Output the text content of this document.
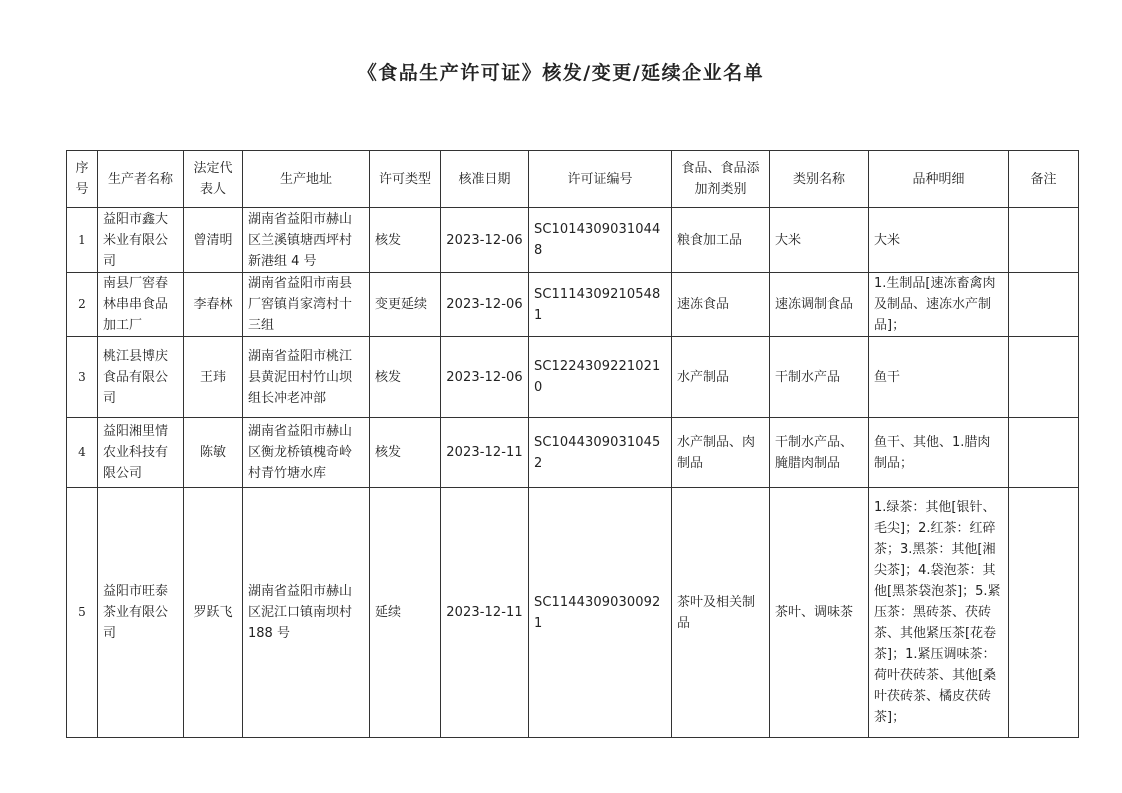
《食品生产许可证》核发/变更/延续企业名单
序号	生产者名称	法定代表人	生产地址	许可类型	核准日期	许可证编号	食品、食品添加剂类别	类别名称	品种明细	备注
1	益阳市鑫大米业有限公司	曾清明	湖南省益阳市赫山区兰溪镇塘西坪村新港组 4 号	核发	2023-12-06	SC10143090310448	粮食加工品	大米	大米	
2	南县厂窖春林串串食品加工厂	李春林	湖南省益阳市南县厂窖镇肖家湾村十三组	变更延续	2023-12-06	SC11143092105481	速冻食品	速冻调制食品	1.生制品[速冻畜禽肉及制品、速冻水产制品]；	
3	桃江县博庆食品有限公司	王玮	湖南省益阳市桃江县黄泥田村竹山坝组长冲老冲部	核发	2023-12-06	SC12243092210210	水产制品	干制水产品	鱼干	
4	益阳湘里情农业科技有限公司	陈敏	湖南省益阳市赫山区衡龙桥镇槐奇岭村青竹塘水库	核发	2023-12-11	SC10443090310452	水产制品、肉制品	干制水产品、腌腊肉制品	鱼干、其他、1.腊肉制品；	
5	益阳市旺泰茶业有限公司	罗跃飞	湖南省益阳市赫山区泥江口镇南坝村 188 号	延续	2023-12-11	SC11443090300921	茶叶及相关制品	茶叶、调味茶	1.绿茶：其他[银针、毛尖]；2.红茶：红碎茶；3.黑茶：其他[湘尖茶]；4.袋泡茶：其他[黑茶袋泡茶]；5.紧压茶：黑砖茶、茯砖茶、其他紧压茶[花卷茶]；1.紧压调味茶：荷叶茯砖茶、其他[桑叶茯砖茶、橘皮茯砖茶]；	
